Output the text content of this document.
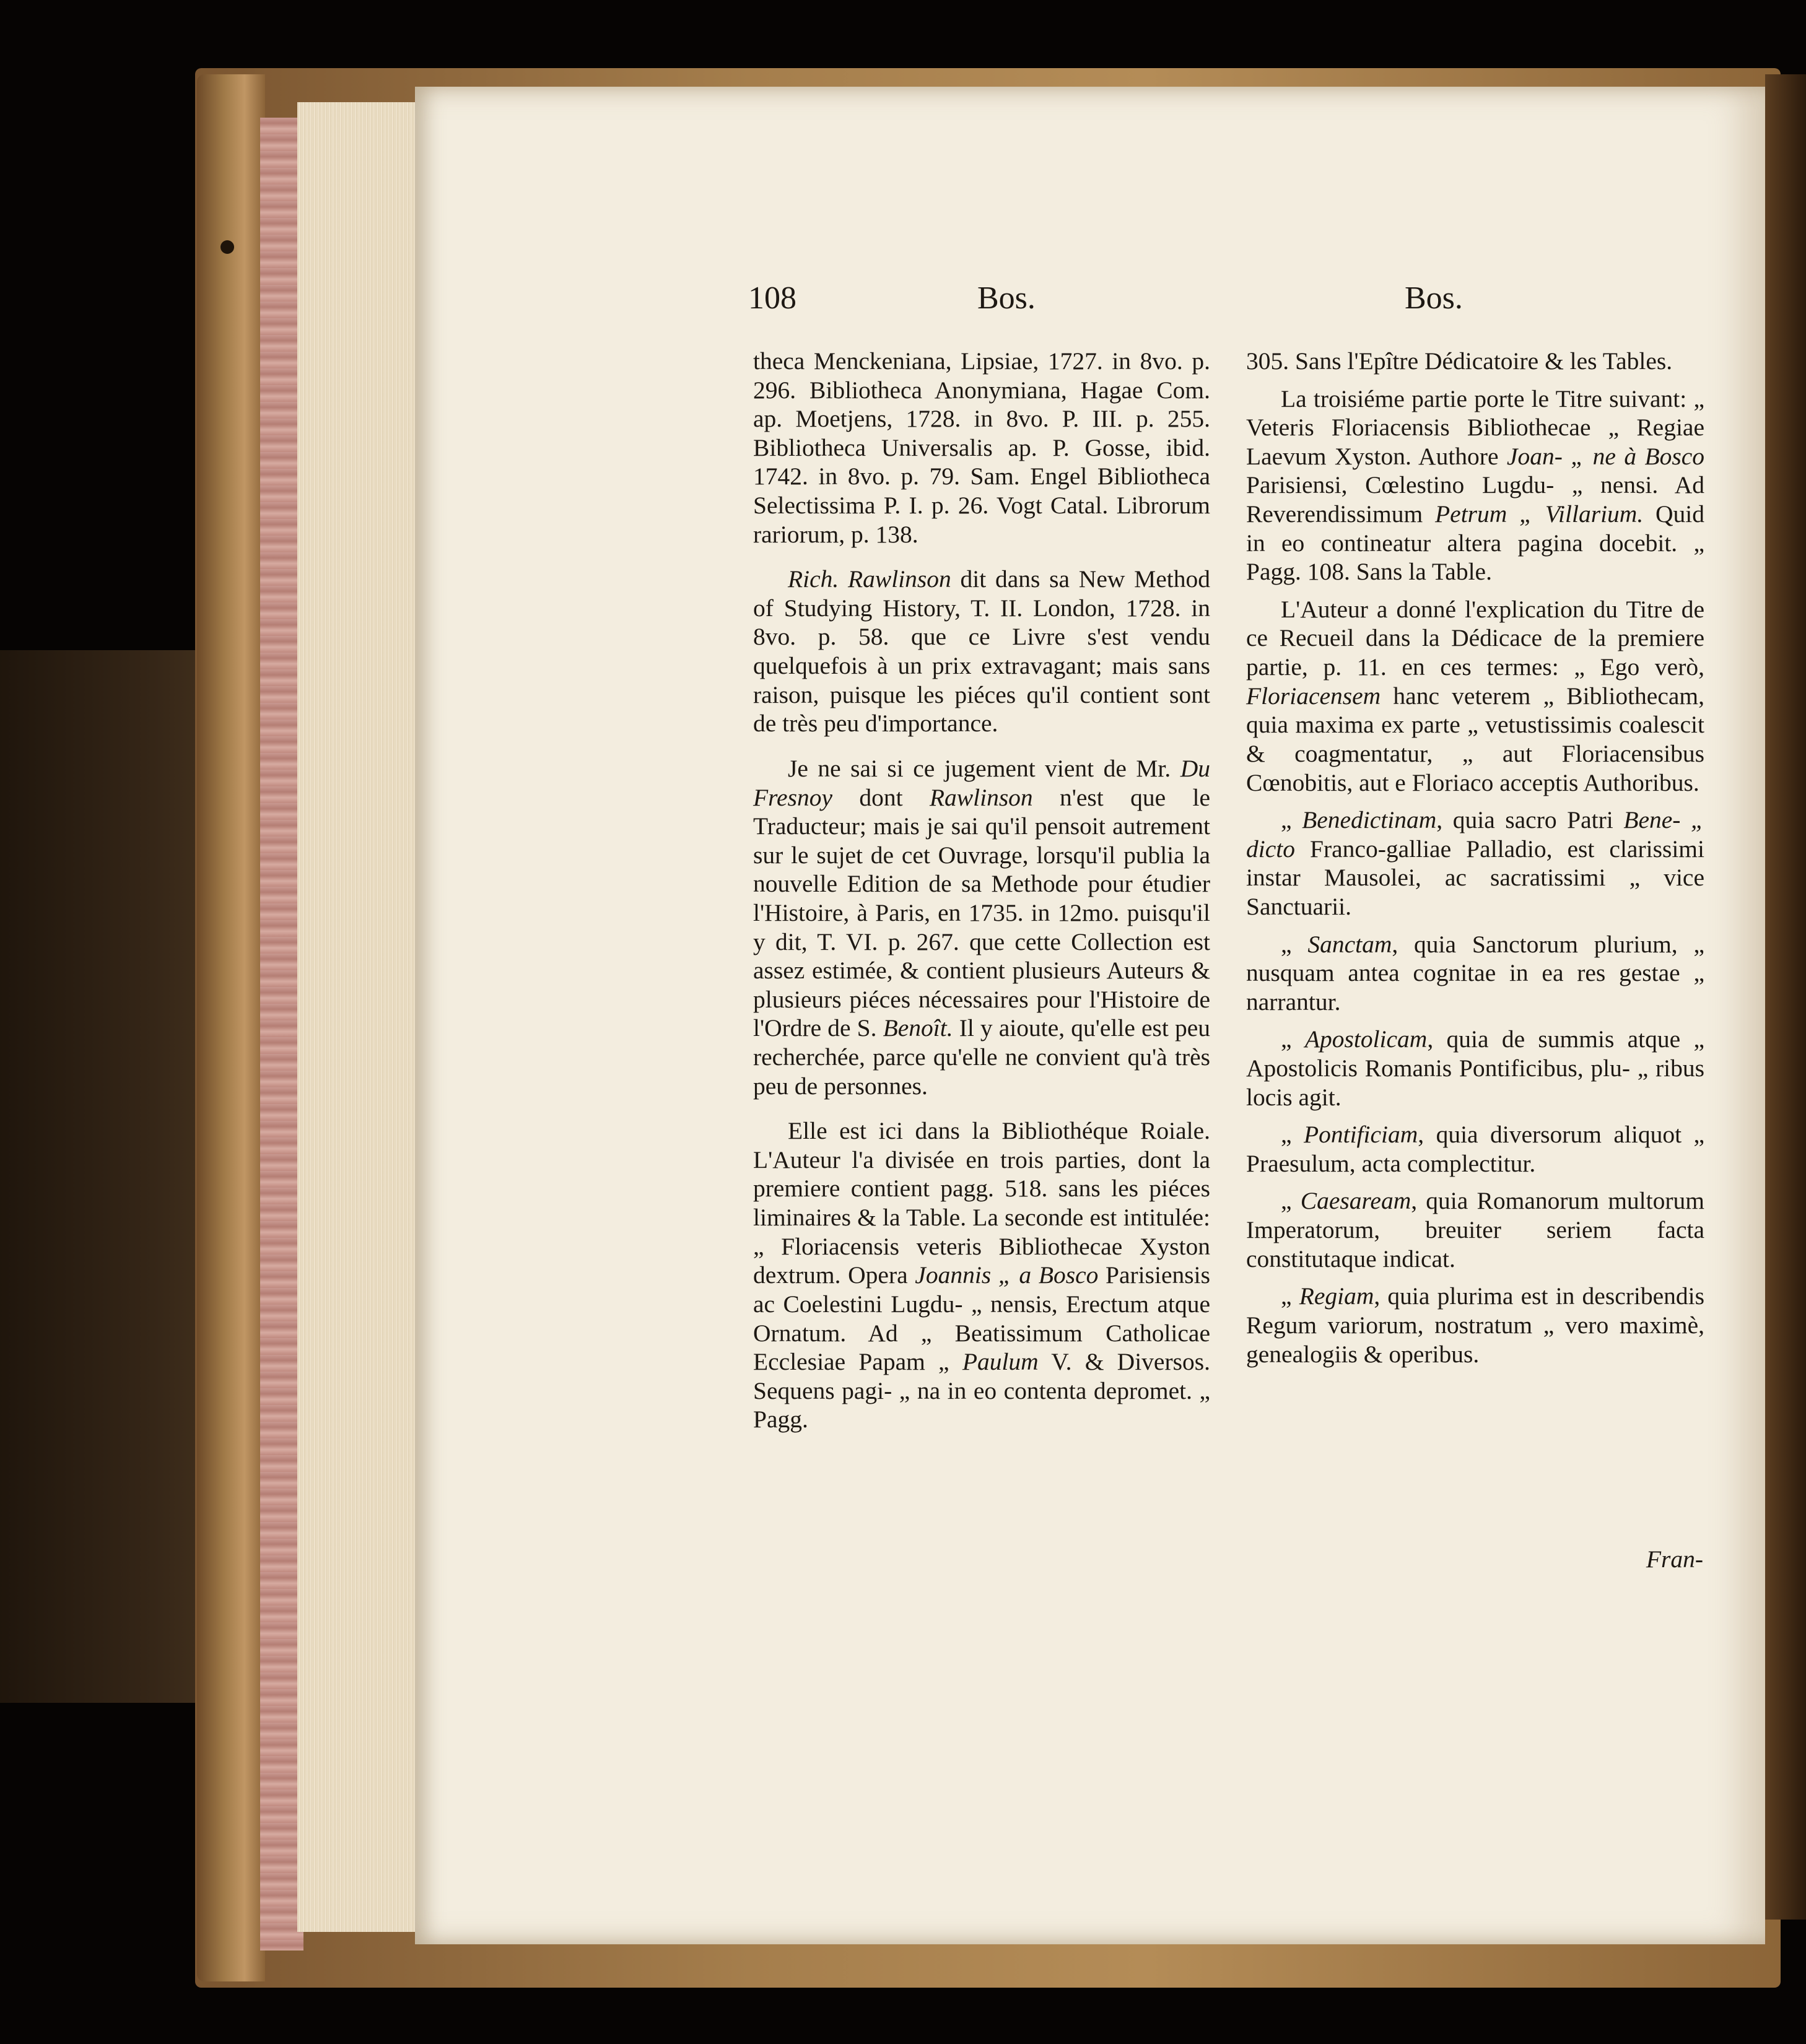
108	Bos.	Bos.

theca Menckeniana, Lipsiae, 1727. in 8vo. p. 296. Bibliotheca Anonymiana, Hagae Com. ap. Moetjens, 1728. in 8vo. P. III. p. 255. Bibliotheca Universalis ap. P. Gosse, ibid. 1742. in 8vo. p. 79. Sam. Engel Bibliotheca Selectissima P. I. p. 26. Vogt Catal. Librorum rariorum, p. 138.

Rich. Rawlinson dit dans sa New Method of Studying History, T. II. London, 1728. in 8vo. p. 58. que ce Livre s'est vendu quelquefois à un prix extravagant; mais sans raison, puisque les piéces qu'il contient sont de très peu d'importance.

Je ne sai si ce jugement vient de Mr. Du Fresnoy dont Rawlinson n'est que le Traducteur; mais je sai qu'il pensoit autrement sur le sujet de cet Ouvrage, lorsqu'il publia la nouvelle Edition de sa Methode pour étudier l'Histoire, à Paris, en 1735. in 12mo. puisqu'il y dit, T. VI. p. 267. que cette Collection est assez estimée, & contient plusieurs Auteurs & plusieurs piéces nécessaires pour l'Histoire de l'Ordre de S. Benoît. Il y aioute, qu'elle est peu recherchée, parce qu'elle ne convient qu'à très peu de personnes.

Elle est ici dans la Bibliothéque Roiale. L'Auteur l'a divisée en trois parties, dont la premiere contient pagg. 518. sans les piéces liminaires & la Table. La seconde est intitulée: „ Floriacensis veteris Bibliothecae Xyston dextrum. Opera Joannis „ a Bosco Parisiensis ac Coelestini Lugdu- „ nensis, Erectum atque Ornatum. Ad „ Beatissimum Catholicae Ecclesiae Papam „ Paulum V. & Diversos. Sequens pagi- „ na in eo contenta depromet. „ Pagg.

305. Sans l'Epître Dédicatoire & les Tables.

La troisiéme partie porte le Titre suivant: „ Veteris Floriacensis Bibliothecae „ Regiae Laevum Xyston. Authore Joan- „ ne à Bosco Parisiensi, Cœlestino Lugdu- „ nensi. Ad Reverendissimum Petrum „ Villarium. Quid in eo contineatur altera pagina docebit. „ Pagg. 108. Sans la Table.

L'Auteur a donné l'explication du Titre de ce Recueil dans la Dédicace de la premiere partie, p. 11. en ces termes: „ Ego verò, Floriacensem hanc veterem „ Bibliothecam, quia maxima ex parte „ vetustissimis coalescit & coagmentatur, „ aut Floriacensibus Cœnobitis, aut e Floriaco acceptis Authoribus.

„ Benedictinam, quia sacro Patri Bene- „ dicto Franco-galliae Palladio, est clarissimi instar Mausolei, ac sacratissimi „ vice Sanctuarii.

„ Sanctam, quia Sanctorum plurium, „ nusquam antea cognitae in ea res gestae „ narrantur.

„ Apostolicam, quia de summis atque „ Apostolicis Romanis Pontificibus, plu- „ ribus locis agit.

„ Pontificiam, quia diversorum aliquot „ Praesulum, acta complectitur.

„ Caesaream, quia Romanorum multorum Imperatorum, breuiter seriem facta constitutaque indicat.

„ Regiam, quia plurima est in describendis Regum variorum, nostratum „ vero maximè, genealogiis & operibus.

Fran-
